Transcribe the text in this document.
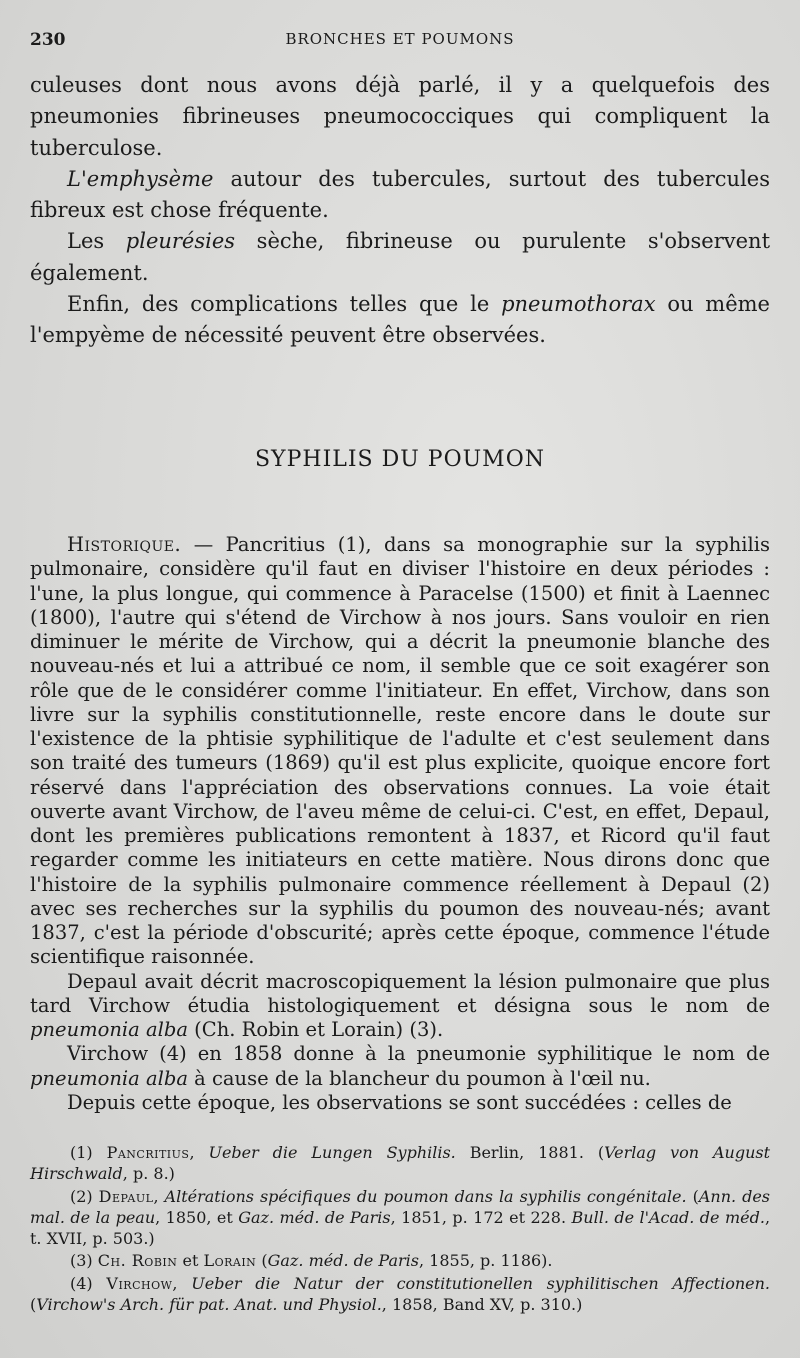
230	BRONCHES ET POUMONS

culeuses dont nous avons déjà parlé, il y a quelquefois des pneumonies fibrineuses pneumococciques qui compliquent la tuberculose.

L'emphysème autour des tubercules, surtout des tubercules fibreux est chose fréquente.

Les pleurésies sèche, fibrineuse ou purulente s'observent également.

Enfin, des complications telles que le pneumothorax ou même l'empyème de nécessité peuvent être observées.

SYPHILIS DU POUMON

Historique. — Pancritius (1), dans sa monographie sur la syphilis pulmonaire, considère qu'il faut en diviser l'histoire en deux périodes : l'une, la plus longue, qui commence à Paracelse (1500) et finit à Laennec (1800), l'autre qui s'étend de Virchow à nos jours. Sans vouloir en rien diminuer le mérite de Virchow, qui a décrit la pneumonie blanche des nouveau-nés et lui a attribué ce nom, il semble que ce soit exagérer son rôle que de le considérer comme l'initiateur. En effet, Virchow, dans son livre sur la syphilis constitutionnelle, reste encore dans le doute sur l'existence de la phtisie syphilitique de l'adulte et c'est seulement dans son traité des tumeurs (1869) qu'il est plus explicite, quoique encore fort réservé dans l'appréciation des observations connues. La voie était ouverte avant Virchow, de l'aveu même de celui-ci. C'est, en effet, Depaul, dont les premières publications remontent à 1837, et Ricord qu'il faut regarder comme les initiateurs en cette matière. Nous dirons donc que l'histoire de la syphilis pulmonaire commence réellement à Depaul (2) avec ses recherches sur la syphilis du poumon des nouveau-nés; avant 1837, c'est la période d'obscurité; après cette époque, commence l'étude scientifique raisonnée.

Depaul avait décrit macroscopiquement la lésion pulmonaire que plus tard Virchow étudia histologiquement et désigna sous le nom de pneumonia alba (Ch. Robin et Lorain) (3).

Virchow (4) en 1858 donne à la pneumonie syphilitique le nom de pneumonia alba à cause de la blancheur du poumon à l'œil nu.

Depuis cette époque, les observations se sont succédées : celles de

(1) Pancritius, Ueber die Lungen Syphilis. Berlin, 1881. (Verlag von August Hirschwald, p. 8.)

(2) Depaul, Altérations spécifiques du poumon dans la syphilis congénitale. (Ann. des mal. de la peau, 1850, et Gaz. méd. de Paris, 1851, p. 172 et 228. Bull. de l'Acad. de méd., t. XVII, p. 503.)

(3) Ch. Robin et Lorain (Gaz. méd. de Paris, 1855, p. 1186).

(4) Virchow, Ueber die Natur der constitutionellen syphilitischen Affectionen. (Virchow's Arch. für pat. Anat. und Physiol., 1858, Band XV, p. 310.)
